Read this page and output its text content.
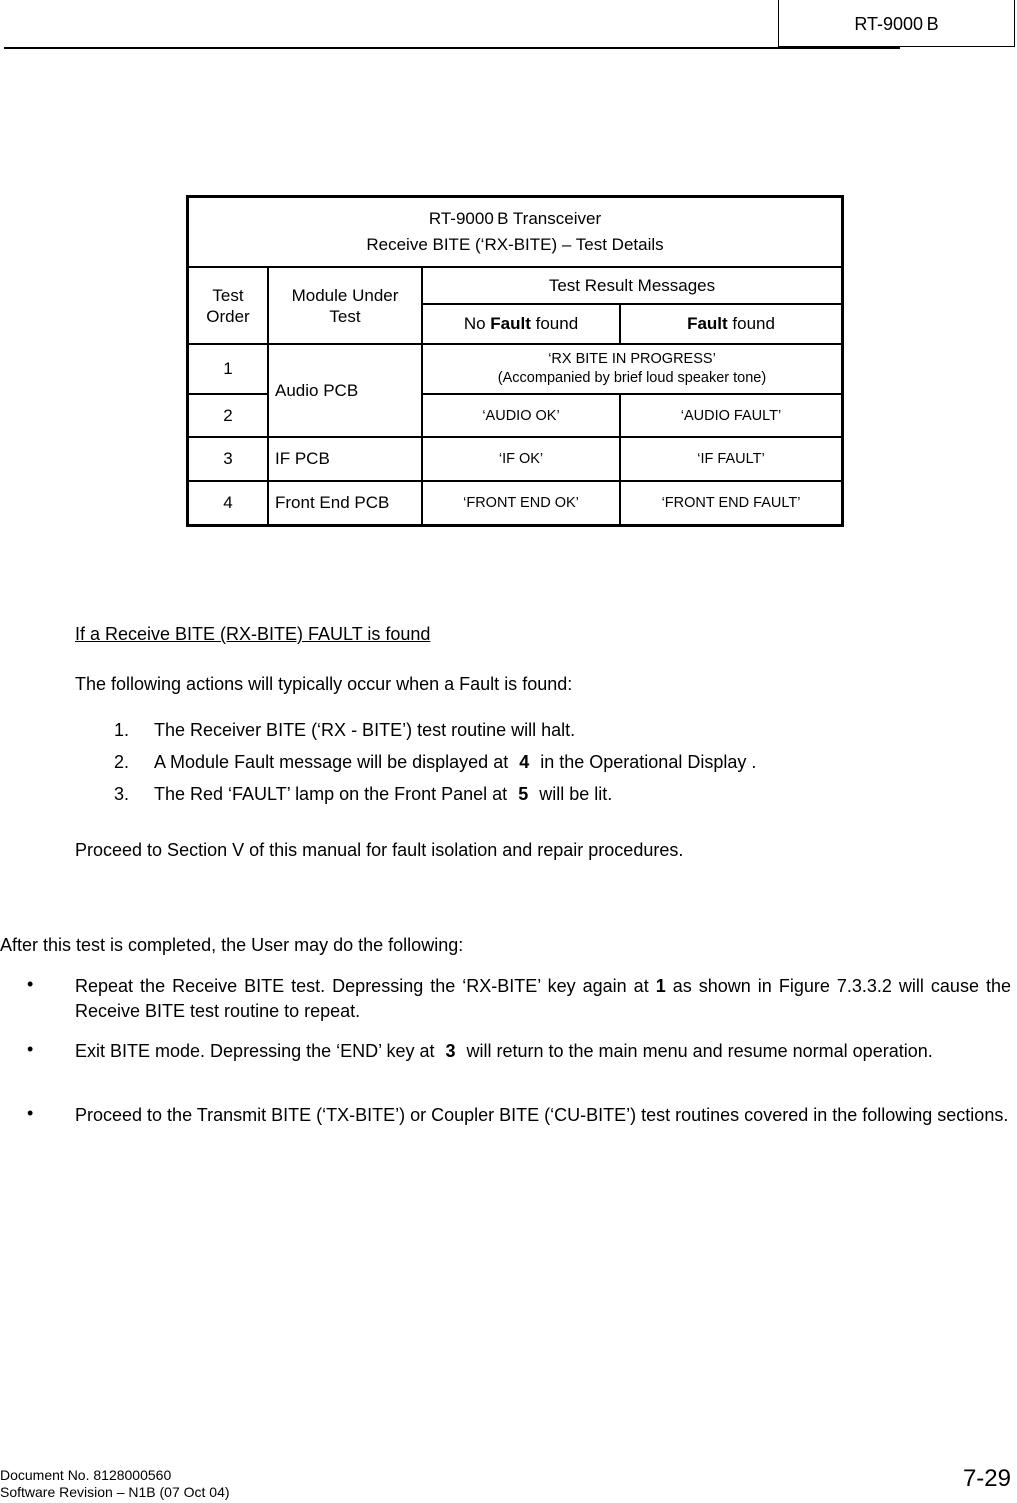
RT-9000 B
RT-9000 B Transceiver
Receive BITE (‘RX-BITE) – Test Details			

Test Order	Module Under Test	Test Result Messages	
		No Fault found	Fault found
1	Audio PCB	‘RX BITE IN PROGRESS’
(Accompanied by brief loud speaker tone)	

2		‘AUDIO OK’	‘AUDIO FAULT’
3	IF PCB	‘IF OK’	‘IF FAULT’
4	Front End PCB	‘FRONT END OK’	‘FRONT END FAULT’
If a Receive BITE (RX-BITE) FAULT is found
The following actions will typically occur when a Fault is found:
1. The Receiver BITE (‘RX - BITE’) test routine will halt.
2. A Module Fault message will be displayed at 4 in the Operational Display .
3. The Red ‘FAULT’ lamp on the Front Panel at 5 will be lit.
Proceed to Section V of this manual for fault isolation and repair procedures.
After this test is completed, the User may do the following:
• Repeat the Receive BITE test. Depressing the ‘RX-BITE’ key again at 1 as shown in Figure 7.3.3.2 will cause the Receive BITE test routine to repeat.
• Exit BITE mode. Depressing the ‘END’ key at 3 will return to the main menu and resume normal operation.
• Proceed to the Transmit BITE (‘TX-BITE’) or Coupler BITE (‘CU-BITE’) test routines covered in the following sections.
Document No. 8128000560
Software Revision – N1B (07 Oct 04)	7-29
